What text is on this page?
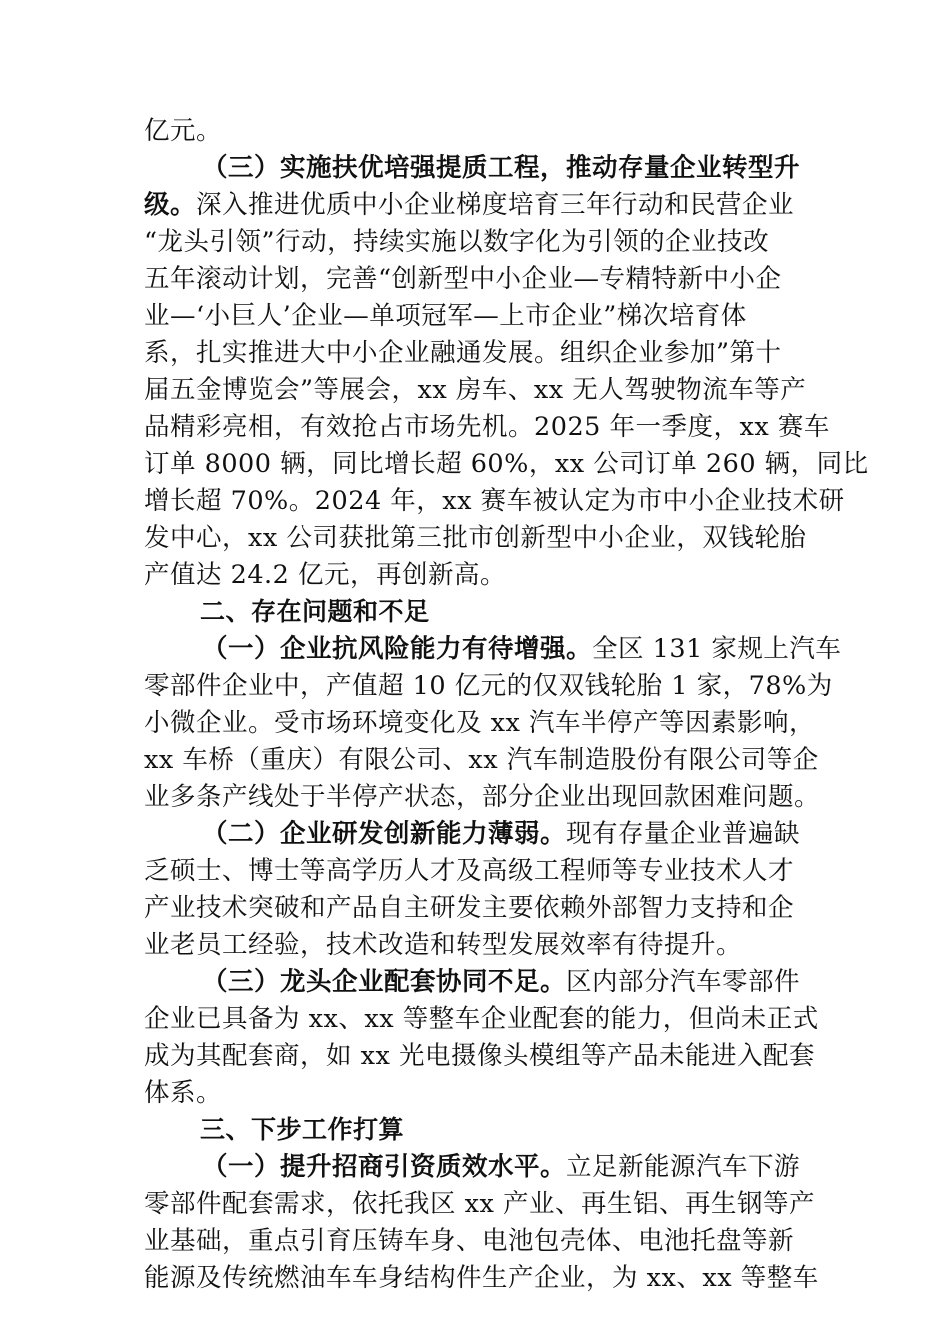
亿元。
（三）实施扶优培强提质工程，推动存量企业转型升
级。深入推进优质中小企业梯度培育三年行动和民营企业
“龙头引领”行动，持续实施以数字化为引领的企业技改
五年滚动计划，完善“创新型中小企业—专精特新中小企
业—‘小巨人’企业—单项冠军—上市企业”梯次培育体
系，扎实推进大中小企业融通发展。组织企业参加”第十
届五金博览会”等展会，xx 房车、xx 无人驾驶物流车等产
品精彩亮相，有效抢占市场先机。2025 年一季度，xx 赛车
订单 8000 辆，同比增长超 60%，xx 公司订单 260 辆，同比
增长超 70%。2024 年，xx 赛车被认定为市中小企业技术研
发中心，xx 公司获批第三批市创新型中小企业，双钱轮胎
产值达 24.2 亿元，再创新高。
二、存在问题和不足
（一）企业抗风险能力有待增强。全区 131 家规上汽车
零部件企业中，产值超 10 亿元的仅双钱轮胎 1 家，78%为
小微企业。受市场环境变化及 xx 汽车半停产等因素影响，
xx 车桥（重庆）有限公司、xx 汽车制造股份有限公司等企
业多条产线处于半停产状态，部分企业出现回款困难问题。
（二）企业研发创新能力薄弱。现有存量企业普遍缺
乏硕士、博士等高学历人才及高级工程师等专业技术人才
产业技术突破和产品自主研发主要依赖外部智力支持和企
业老员工经验，技术改造和转型发展效率有待提升。
（三）龙头企业配套协同不足。区内部分汽车零部件
企业已具备为 xx、xx 等整车企业配套的能力，但尚未正式
成为其配套商，如 xx 光电摄像头模组等产品未能进入配套
体系。
三、下步工作打算
（一）提升招商引资质效水平。立足新能源汽车下游
零部件配套需求，依托我区 xx 产业、再生铝、再生钢等产
业基础，重点引育压铸车身、电池包壳体、电池托盘等新
能源及传统燃油车车身结构件生产企业，为 xx、xx 等整车
